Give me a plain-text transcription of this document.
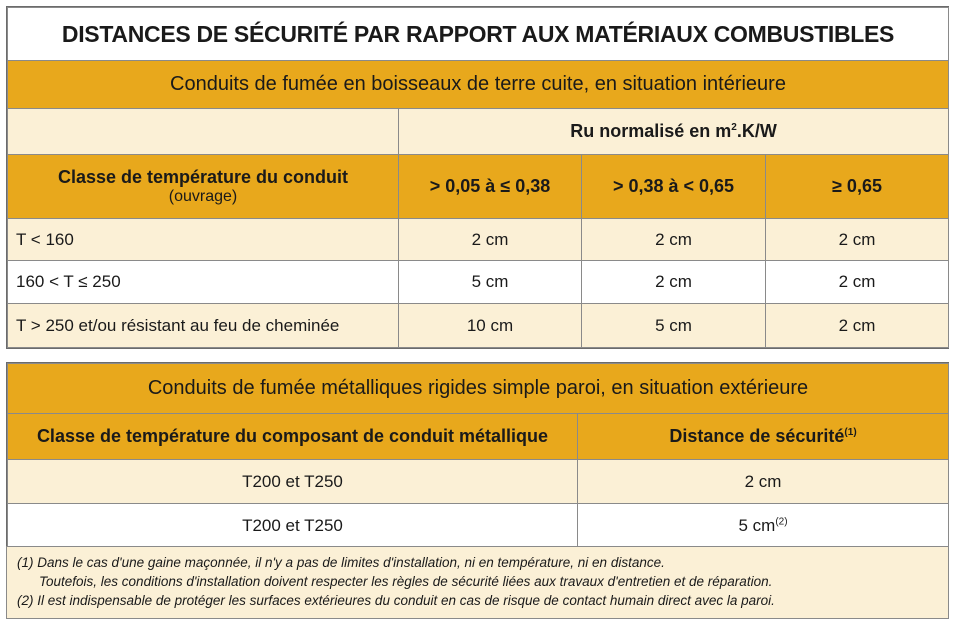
DISTANCES DE SÉCURITÉ PAR RAPPORT AUX MATÉRIAUX COMBUSTIBLES			
Conduits de fumée en boisseaux de terre cuite, en situation intérieure			
	Ru normalisé en $m^2.K/W$		
Classe de température du conduit
(ouvrage)	> 0,05 à ≤ 0,38	> 0,38 à < 0,65	≥ 0,65
T < 160	2 cm	2 cm	2 cm
160 < T ≤ 250	5 cm	2 cm	2 cm
T > 250 et/ou résistant au feu de cheminée	10 cm	5 cm	2 cm
Conduits de fumée métalliques rigides simple paroi, en situation extérieure	
Classe de température du composant de conduit métallique	Distance de sécurité$^{(1)}$
T200 et T250	2 cm
T200 et T250	5 $cm^{(2)}$

(1) Dans le cas d'une gaine maçonnée, il n'y a pas de limites d'installation, ni en température, ni en distance.

Toutefois, les conditions d'installation doivent respecter les règles de sécurité liées aux travaux d'entretien et de réparation.

(2) Il est indispensable de protéger les surfaces extérieures du conduit en cas de risque de contact humain direct avec la paroi.
